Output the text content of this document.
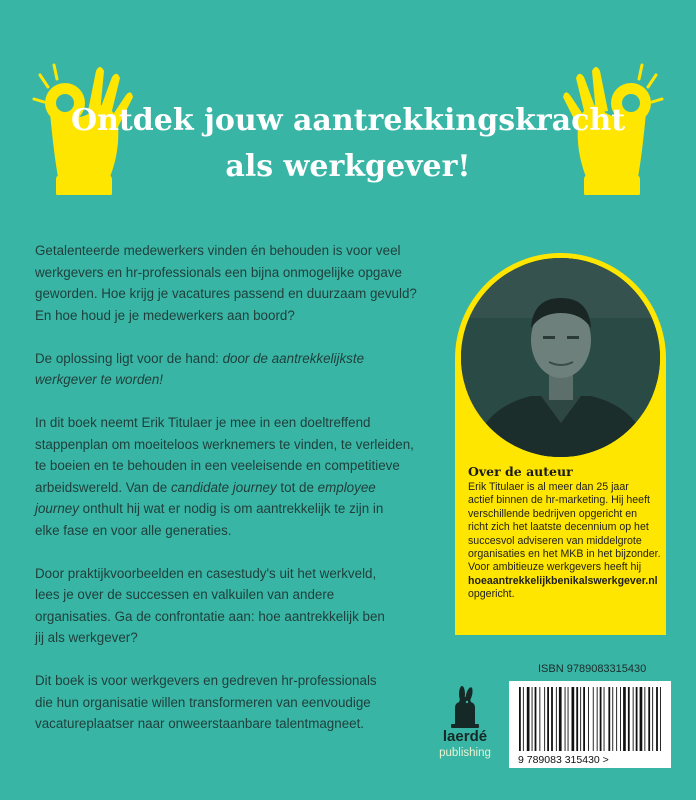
Ontdek jouw aantrekkingskracht
als werkgever!

Getalenteerde medewerkers vinden én behouden is voor veel
werkgevers en hr-professionals een bijna onmogelijke opgave
geworden. Hoe krijg je vacatures passend en duurzaam gevuld?
En hoe houd je je medewerkers aan boord?

De oplossing ligt voor de hand: door de aantrekkelijkste
werkgever te worden!

In dit boek neemt Erik Titulaer je mee in een doeltreffend
stappenplan om moeiteloos werknemers te vinden, te verleiden,
te boeien en te behouden in een veeleisende en competitieve
arbeidswereld. Van de candidate journey tot de employee
journey onthult hij wat er nodig is om aantrekkelijk te zijn in
elke fase en voor alle generaties.

Door praktijkvoorbeelden en casestudy's uit het werkveld,
lees je over de successen en valkuilen van andere
organisaties. Ga de confrontatie aan: hoe aantrekkelijk ben
jij als werkgever?

Dit boek is voor werkgevers en gedreven hr-professionals
die hun organisatie willen transformeren van eenvoudige
vacatureplaatser naar onweerstaanbare talentmagneet.

Over de auteur

Erik Titulaer is al meer dan 25 jaar
actief binnen de hr-marketing. Hij heeft
verschillende bedrijven opgericht en
richt zich het laatste decennium op het
succesvol adviseren van middelgrote
organisaties en het MKB in het bijzonder.
Voor ambitieuze werkgevers heeft hij
hoeaantrekkelijkbenikalswerkgever.nl
opgericht.

laerdé
publishing
ISBN 9789083315430
9 789083 315430 >
